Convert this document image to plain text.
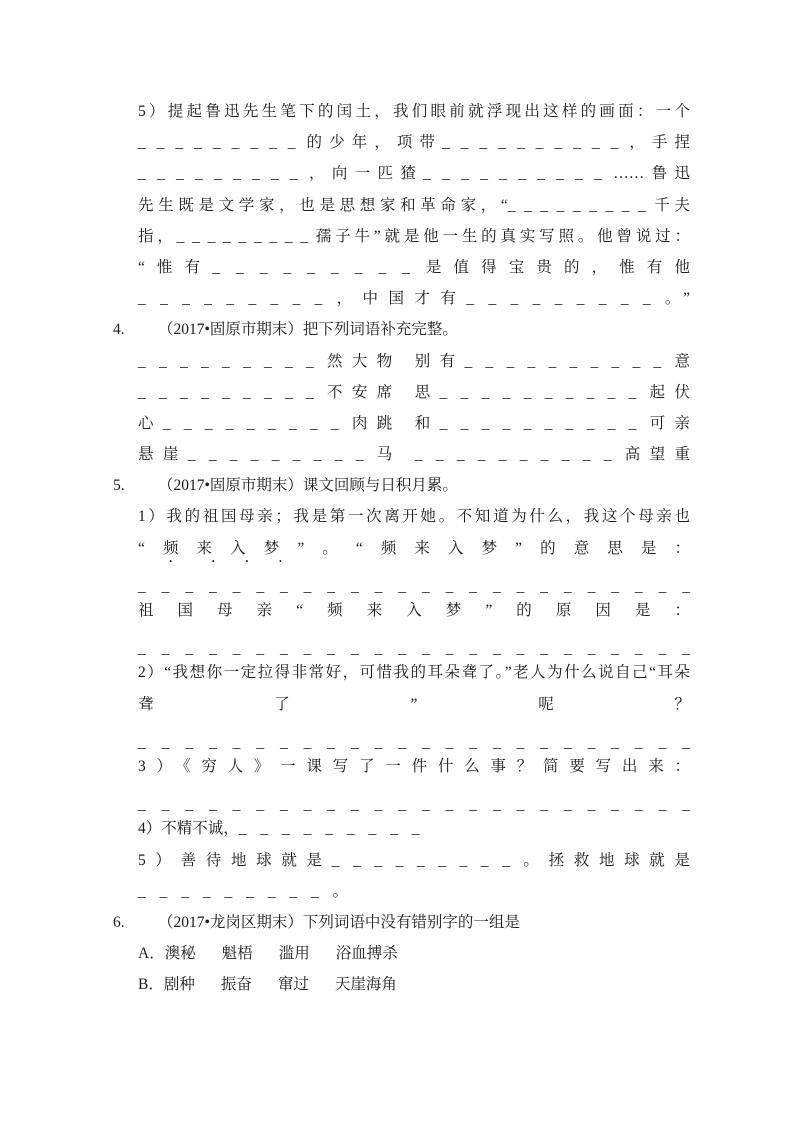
5）提起鲁迅先生笔下的闰土，我们眼前就浮现出这样的画面：一个
_ _ _ _ _ _ _ _ _ 的少年，项带_ _ _ _ _ _ _ _ _ _ ，手捏
_ _ _ _ _ _ _ _ _ ，向一匹猹_ _ _ _ _ _ _ _ _ _ ……鲁迅
先生既是文学家，也是思想家和革命家，“_ _ _ _ _ _ _ _ _ 千夫
指，_ _ _ _ _ _ _ _ _ 孺子牛”就是他一生的真实写照。他曾说过：
“惟有_ _ _ _ _ _ _ _ _ 是值得宝贵的，惟有他
_ _ _ _ _ _ _ _ _ ，中国才有_ _ _ _ _ _ _ _ _ 。”
4.	（2017•固原市期末）把下列词语补充完整。
_ _ _ _ _ _ _ _ _ 然大物 别有_ _ _ _ _ _ _ _ _ _ 意
_ _ _ _ _ _ _ _ _ 不安席 思_ _ _ _ _ _ _ _ _ _ 起伏
心_ _ _ _ _ _ _ _ _ 肉跳 和_ _ _ _ _ _ _ _ _ _ 可亲
悬崖_ _ _ _ _ _ _ _ _ 马 _ _ _ _ _ _ _ _ _ _ 高望重
5.	（2017•固原市期末）课文回顾与日积月累。
1）我的祖国母亲；我是第一次离开她。不知道为什么，我这个母亲也
“频来入梦”。“频来入梦”的意思是：
_ _ _ _ _ _ _ _ _ _ _ _ _ _ _ _ _ _ _ _ _ _ _ _
祖国母亲“频来入梦”的原因是：
_ _ _ _ _ _ _ _ _ _ _ _ _ _ _ _ _ _ _ _ _ _ _ _
2）“我想你一定拉得非常好，可惜我的耳朵聋了。”老人为什么说自己“耳朵
聋了”呢？
_ _ _ _ _ _ _ _ _ _ _ _ _ _ _ _ _ _ _ _ _ _ _ _
3）《穷人》一课写了一件什么事？简要写出来：
_ _ _ _ _ _ _ _ _ _ _ _ _ _ _ _ _ _ _ _ _ _ _ _
4）不精不诚，_ _ _ _ _ _ _ _ _
5）善待地球就是_ _ _ _ _ _ _ _ _ 。拯救地球就是
_ _ _ _ _ _ _ _ _ 。
6.	（2017•龙岗区期末）下列词语中没有错别字的一组是
A． 澳秘 魁梧 滥用 浴血搏杀
B． 剧种 振奋 窜过 天崖海角
